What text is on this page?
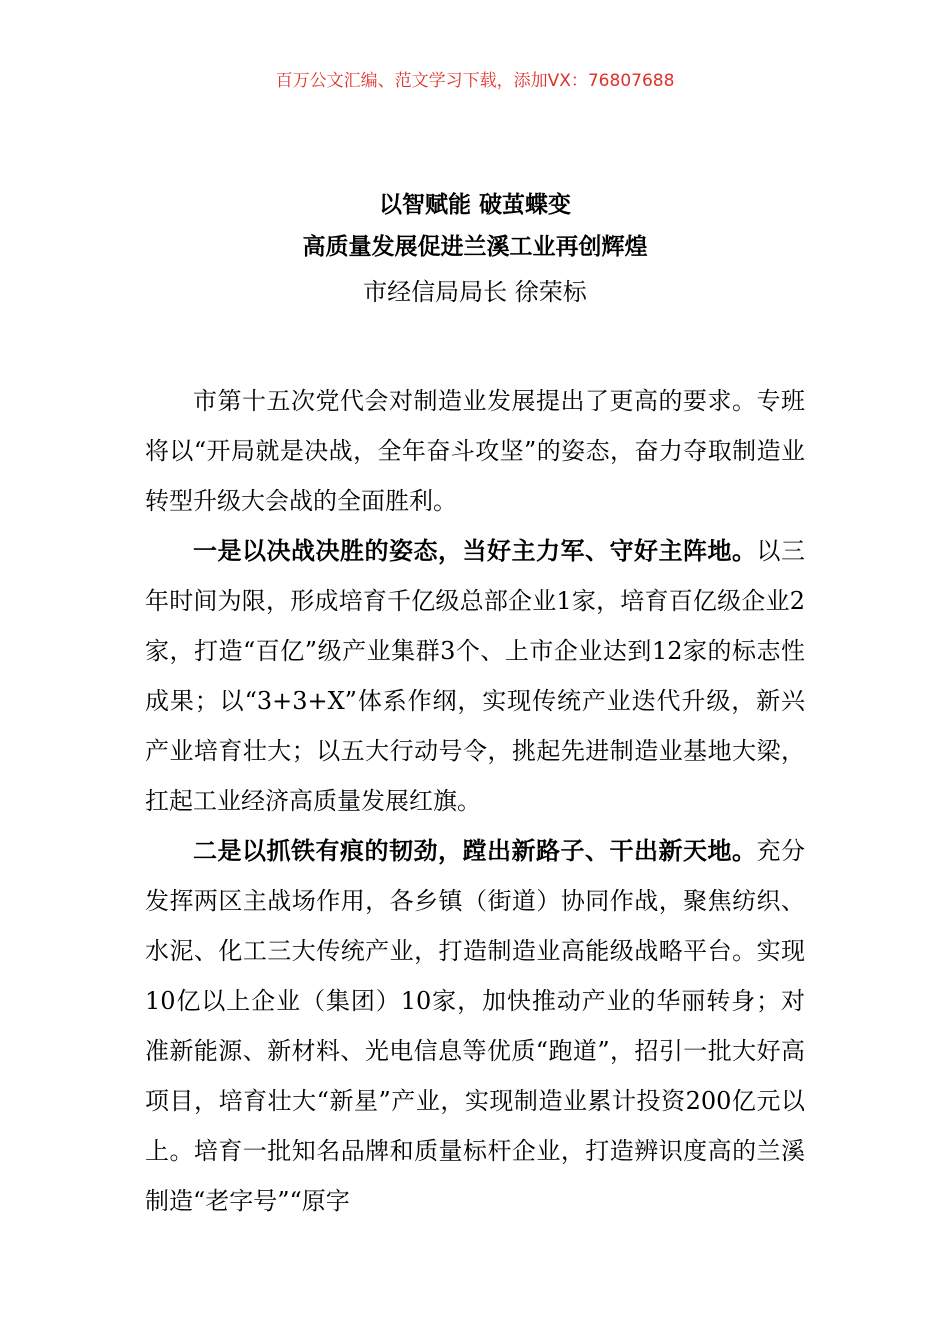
百万公文汇编、范文学习下载，添加VX：76807688
以智赋能 破茧蝶变
高质量发展促进兰溪工业再创辉煌
市经信局局长 徐荣标

市第十五次党代会对制造业发展提出了更高的要求。专班将以“开局就是决战，全年奋斗攻坚”的姿态，奋力夺取制造业转型升级大会战的全面胜利。

一是以决战决胜的姿态，当好主力军、守好主阵地。以三年时间为限，形成培育千亿级总部企业1家，培育百亿级企业2家，打造“百亿”级产业集群3个、上市企业达到12家的标志性成果；以“3+3+X”体系作纲，实现传统产业迭代升级，新兴产业培育壮大；以五大行动号令，挑起先进制造业基地大梁，扛起工业经济高质量发展红旗。

二是以抓铁有痕的韧劲，蹚出新路子、干出新天地。充分发挥两区主战场作用，各乡镇（街道）协同作战，聚焦纺织、水泥、化工三大传统产业，打造制造业高能级战略平台。实现10亿以上企业（集团）10家，加快推动产业的华丽转身；对准新能源、新材料、光电信息等优质“跑道”，招引一批大好高项目，培育壮大“新星”产业，实现制造业累计投资200亿元以上。培育一批知名品牌和质量标杆企业，打造辨识度高的兰溪制造“老字号”“原字
